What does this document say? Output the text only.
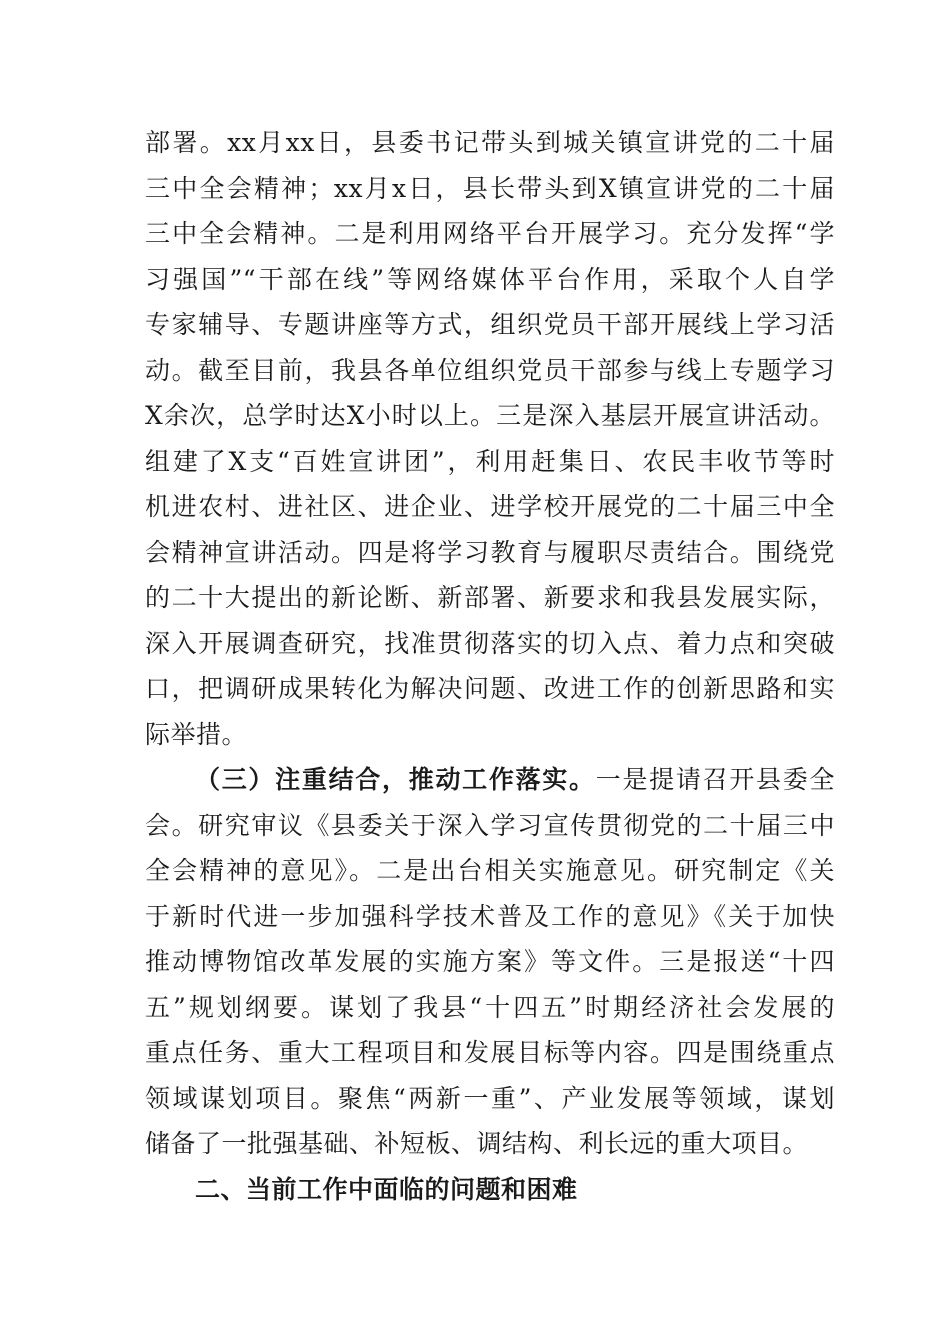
部署。xx月xx日，县委书记带头到城关镇宣讲党的二十届
三中全会精神；xx月x日，县长带头到X镇宣讲党的二十届
三中全会精神。二是利用网络平台开展学习。充分发挥“学
习强国”“干部在线”等网络媒体平台作用，采取个人自学
专家辅导、专题讲座等方式，组织党员干部开展线上学习活
动。截至目前，我县各单位组织党员干部参与线上专题学习
X余次，总学时达X小时以上。三是深入基层开展宣讲活动。
组建了X支“百姓宣讲团”，利用赶集日、农民丰收节等时
机进农村、进社区、进企业、进学校开展党的二十届三中全
会精神宣讲活动。四是将学习教育与履职尽责结合。围绕党
的二十大提出的新论断、新部署、新要求和我县发展实际，
深入开展调查研究，找准贯彻落实的切入点、着力点和突破
口，把调研成果转化为解决问题、改进工作的创新思路和实
际举措。
（三）注重结合，推动工作落实。一是提请召开县委全
会。研究审议《县委关于深入学习宣传贯彻党的二十届三中
全会精神的意见》。二是出台相关实施意见。研究制定《关
于新时代进一步加强科学技术普及工作的意见》《关于加快
推动博物馆改革发展的实施方案》等文件。三是报送“十四
五”规划纲要。谋划了我县“十四五”时期经济社会发展的
重点任务、重大工程项目和发展目标等内容。四是围绕重点
领域谋划项目。聚焦“两新一重”、产业发展等领域，谋划
储备了一批强基础、补短板、调结构、利长远的重大项目。
二、当前工作中面临的问题和困难
